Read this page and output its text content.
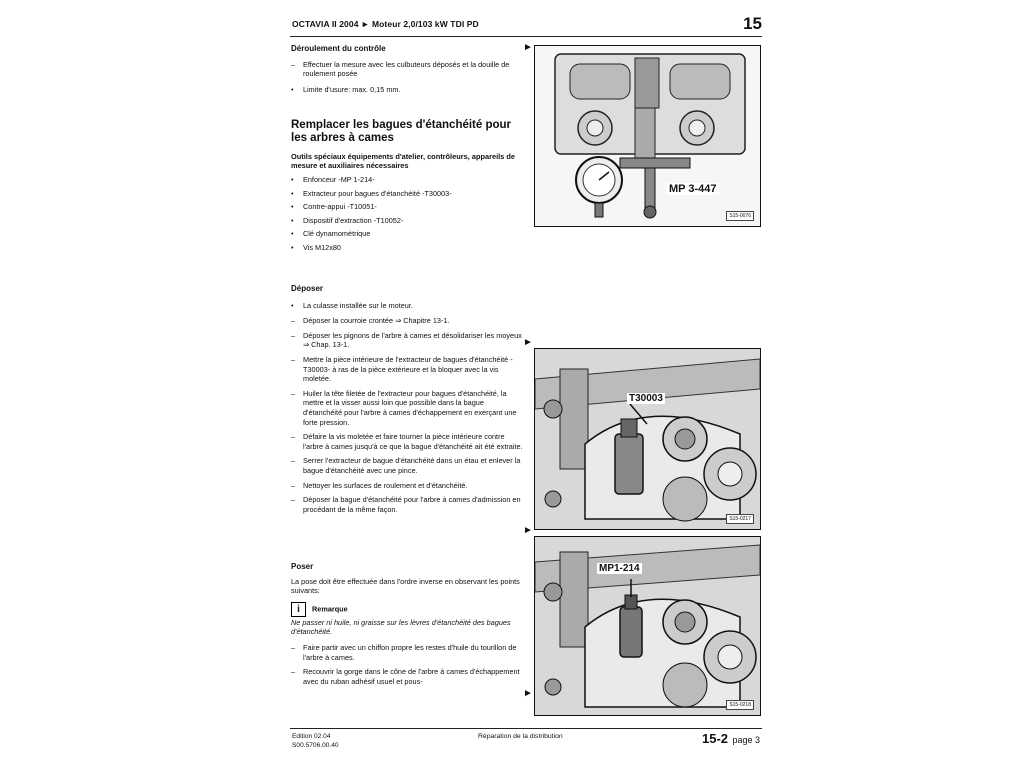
OCTAVIA II 2004 ► Moteur 2,0/103 kW TDI PD	15
Déroulement du contrôle
– Effectuer la mesure avec les culbuteurs déposés et la douille de roulement posée
• Limite d'usure: max. 0,15 mm.
Remplacer les bagues d'étanchéité pour les arbres à cames
Outils spéciaux équipements d'atelier, contrôleurs, appareils de mesure et auxiliaires nécessaires
• Enfonceur -MP 1-214-
• Extracteur pour bagues d'étanchéité -T30003-
• Contre-appui -T10051-
• Dispositif d'extraction -T10052-
• Clé dynamométrique
• Vis M12x80
Déposer
• La culasse installée sur le moteur.
– Déposer la courroie crontée ⇒ Chapitre 13-1.
– Déposer les pignons de l'arbre à cames et désolidariser les moyeux ⇒ Chap. 13-1.
– Mettre la pièce intérieure de l'extracteur de bagues d'étanchéité -T30003- à ras de la pièce extérieure et la bloquer avec la vis moletée.
– Huiler la tête filetée de l'extracteur pour bagues d'étanchéité, la mettre et la visser aussi loin que possible dans la bague d'étanchéité pour l'arbre à cames d'échappement en exerçant une forte pression.
– Défaire la vis moletée et faire tourner la pièce intérieure contre l'arbre à cames jusqu'à ce que la bague d'étanchéité ait été extraite.
– Serrer l'extracteur de bague d'étanchéité dans un étau et enlever la bague d'étanchéité avec une pince.
– Nettoyer les surfaces de roulement et d'étanchéité.
– Déposer la bague d'étanchéité pour l'arbre à cames d'admission en procédant de la même façon.
Poser
La pose doit être effectuée dans l'ordre inverse en observant les points suivants:
i Remarque
Ne passer ni huile, ni graisse sur les lèvres d'étanchéité des bagues d'étanchéité.
– Faire partir avec un chiffon propre les restes d'huile du tourillon de l'arbre à cames.
– Recouvrir la gorge dans le cône de l'arbre à cames d'échappement avec du ruban adhésif usuel et pous-
►
►
►
►
MP 3-447
S15-0076
T30003
S15-0217
MP1-214
S15-0218
Edition 02.04
S00.5706.00.40
Réparation de la distribution	15-2 page 3
